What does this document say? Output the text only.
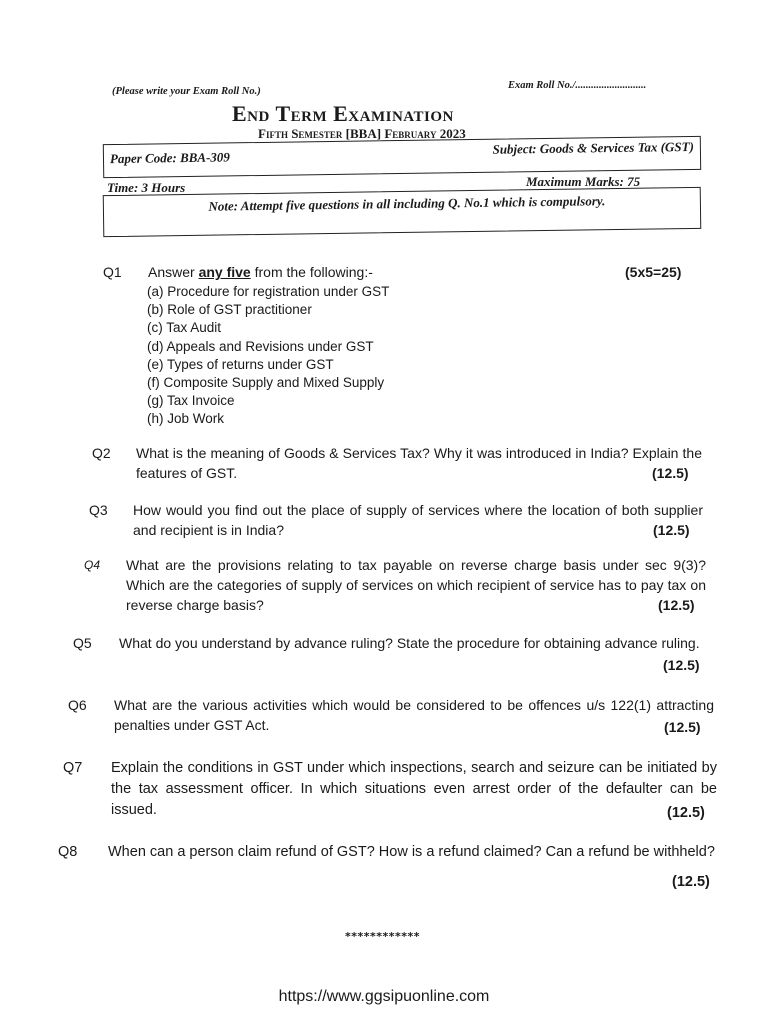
(Please write your Exam Roll No.)
Exam Roll No./...........................
End Term Examination
Fifth Semester [BBA] February 2023
Paper Code: BBA-309
Subject: Goods & Services Tax (GST)
Time: 3 Hours	Maximum Marks: 75
Note: Attempt five questions in all including Q. No.1 which is compulsory.
Q1 Answer any five from the following:-	(5x5=25)
(a) Procedure for registration under GST
(b) Role of GST practitioner
(c) Tax Audit
(d) Appeals and Revisions under GST
(e) Types of returns under GST
(f) Composite Supply and Mixed Supply
(g) Tax Invoice
(h) Job Work
Q2 What is the meaning of Goods & Services Tax? Why it was introduced in India? Explain the features of GST.	(12.5)
Q3 How would you find out the place of supply of services where the location of both supplier and recipient is in India?	(12.5)
Q4 What are the provisions relating to tax payable on reverse charge basis under sec 9(3)? Which are the categories of supply of services on which recipient of service has to pay tax on reverse charge basis?	(12.5)
Q5 What do you understand by advance ruling? State the procedure for obtaining advance ruling.
(12.5)
Q6 What are the various activities which would be considered to be offences u/s 122(1) attracting penalties under GST Act.	(12.5)
Q7 Explain the conditions in GST under which inspections, search and seizure can be initiated by the tax assessment officer. In which situations even arrest order of the defaulter can be issued.	(12.5)
Q8 When can a person claim refund of GST? How is a refund claimed? Can a refund be withheld?
(12.5)
************
https://www.ggsipuonline.com
